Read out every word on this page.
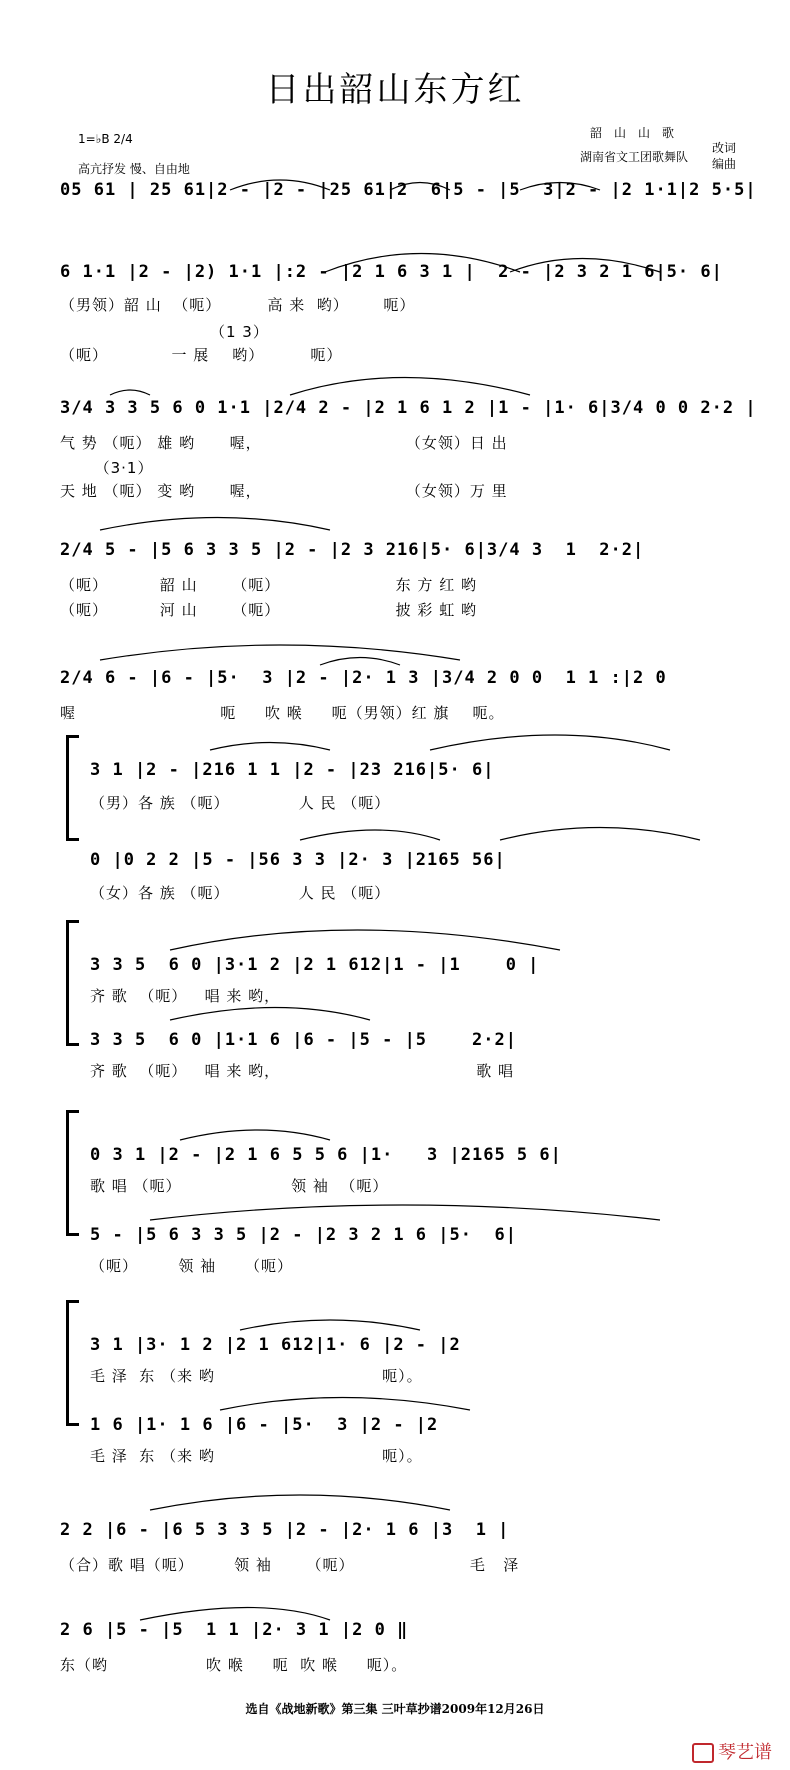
日出韶山东方红
1=♭B 2/4
高亢抒发 慢、自由地
韶　山　山　歌
湖南省文工团歌舞队
改词
编曲
05 61 | 25 61|2 - |2 - |25 61|2  6|5 - |5  3|2 - |2 1·1|2 5·5|
6 1·1 |2 - |2) 1·1 |:2 - |2 1 6 3 1 |  2 - |2 3 2 1 6|5· 6|
（男领）韶 山  （呃）        高 来  哟）      呃）
（1 3）
（呃）           一 展    哟）        呃）
3/4 3 3 5 6 0 1·1 |2/4 2 - |2 1 6 1 2 |1 - |1· 6|3/4 0 0 2·2 |
气 势 （呃） 雄 哟      喔，                         （女领）日 出
（3·1）
天 地 （呃） 变 哟      喔，                         （女领）万 里
2/4 5 - |5 6 3 3 5 |2 - |2 3 216|5· 6|3/4 3  1  2·2|
（呃）         韶 山      （呃）                    东 方 红 哟
（呃）         河 山      （呃）                    披 彩 虹 哟
2/4 6 - |6 - |5·  3 |2 - |2· 1 3 |3/4 2 0 0  1 1 :|2 0
喔                         呃     吹 喉     呃（男领）红 旗    呃。
3 1 |2 - |216 1 1 |2 - |23 216|5· 6|
（男）各 族 （呃）            人 民 （呃）
0 |0 2 2 |5 - |56 3 3 |2· 3 |2165 56|
（女）各 族 （呃）            人 民 （呃）
3 3 5  6 0 |3·1 2 |2 1 612|1 - |1    0 |
齐 歌  （呃）   唱 来 哟，
3 3 5  6 0 |1·1 6 |6 - |5 - |5    2·2|
齐 歌  （呃）   唱 来 哟，                                  歌 唱
0 3 1 |2 - |2 1 6 5 5 6 |1·   3 |2165 5 6|
歌 唱 （呃）                   领 袖  （呃）
5 - |5 6 3 3 5 |2 - |2 3 2 1 6 |5·  6|
（呃）       领 袖     （呃）
3 1 |3· 1 2 |2 1 612|1· 6 |2 - |2
毛 泽  东 （来 哟                             呃）。
1 6 |1· 1 6 |6 - |5·  3 |2 - |2
毛 泽  东 （来 哟                             呃）。
2 2 |6 - |6 5 3 3 5 |2 - |2· 1 6 |3  1 |
（合）歌 唱（呃）       领 袖      （呃）                    毛   泽
2 6 |5 - |5  1 1 |2· 3 1 |2 0 ‖
东（哟                 吹 喉     呃  吹 喉     呃）。
选自《战地新歌》第三集 三叶草抄谱2009年12月26日
琴艺谱
